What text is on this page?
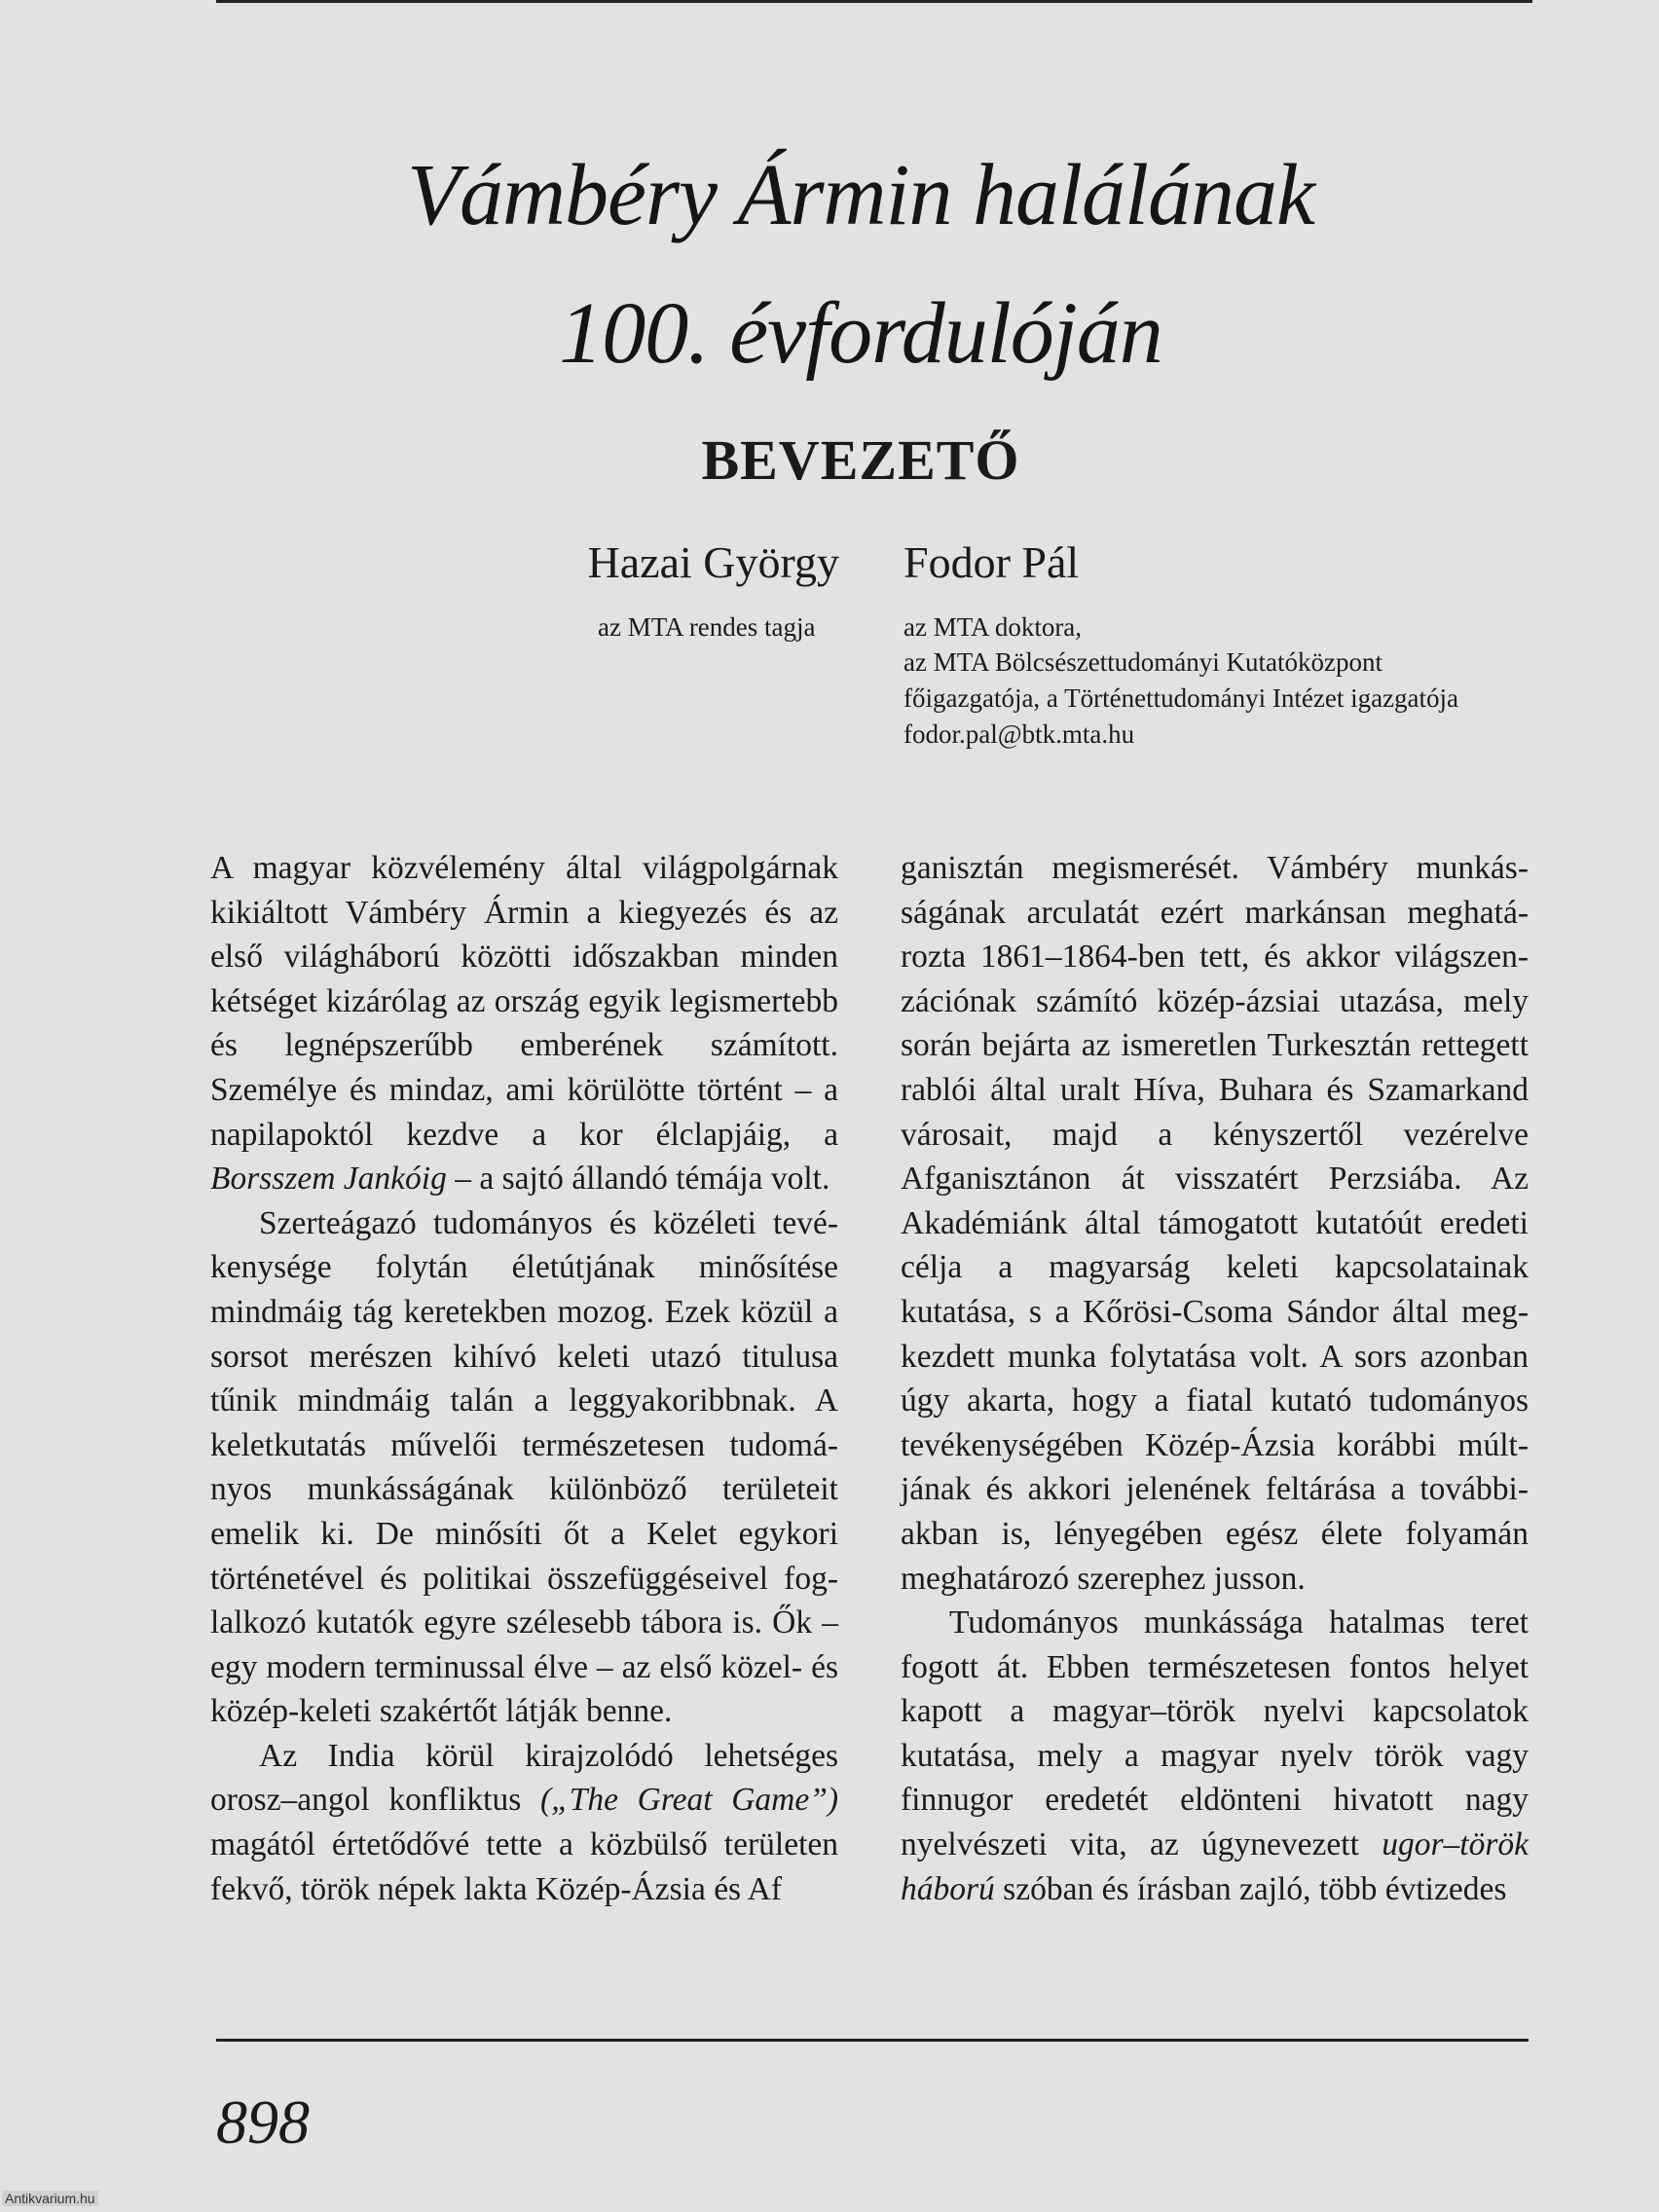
Vámbéry Ármin halálának
100. évfordulóján
BEVEZETŐ
Hazai György Fodor Pál
az MTA rendes tagja	az MTA doktora,
az MTA Bölcsészettudományi Kutatóközpont
főigazgatója, a Történettudományi Intézet igazgatója
fodor.pal@btk.mta.hu

A magyar közvélemény által világpolgárnak kikiáltott Vámbéry Ármin a kiegyezés és az első világháború közötti időszakban minden kétséget kizárólag az ország egyik legismertebb és legnépszerűbb emberének számított. Személye és mindaz, ami körülötte történt – a napilapoktól kezdve a kor élclapjáig, a Borsszem Jankóig – a sajtó állandó témája volt.

Szerteágazó tudományos és közéleti tevékenysége folytán életútjának minősítése mindmáig tág keretekben mozog. Ezek közül a sorsot merészen kihívó keleti utazó titulusa tűnik mindmáig talán a leggyakoribbnak. A keletkutatás művelői természetesen tudományos munkásságának különböző területeit emelik ki. De minősíti őt a Kelet egykori történetével és politikai összefüggéseivel foglalkozó kutatók egyre szélesebb tábora is. Ők – egy modern terminussal élve – az első közel- és közép-keleti szakértőt látják benne.

Az India körül kirajzolódó lehetséges orosz–angol konfliktus („The Great Game”) magától értetődővé tette a közbülső területen fekvő, török népek lakta Közép-Ázsia és Af

ganisztán megismerését. Vámbéry munkásságának arculatát ezért markánsan meghatározta 1861–1864-ben tett, és akkor világszenzációnak számító közép-ázsiai utazása, mely során bejárta az ismeretlen Turkesztán rettegett rablói által uralt Híva, Buhara és Szamarkand városait, majd a kényszertől vezérelve Afganisztánon át visszatért Perzsiába. Az Akadémiánk által támogatott kutatóút eredeti célja a magyarság keleti kapcsolatainak kutatása, s a Kőrösi-Csoma Sándor által megkezdett munka folytatása volt. A sors azonban úgy akarta, hogy a fiatal kutató tudományos tevékenységében Közép-Ázsia korábbi múltjának és akkori jelenének feltárása a továbbiakban is, lényegében egész élete folyamán meghatározó szerephez jusson.

Tudományos munkássága hatalmas teret fogott át. Ebben természetesen fontos helyet kapott a magyar–török nyelvi kapcsolatok kutatása, mely a magyar nyelv török vagy finnugor eredetét eldönteni hivatott nagy nyelvészeti vita, az úgynevezett ugor–török háború szóban és írásban zajló, több évtizedes

898
Antikvarium.hu
